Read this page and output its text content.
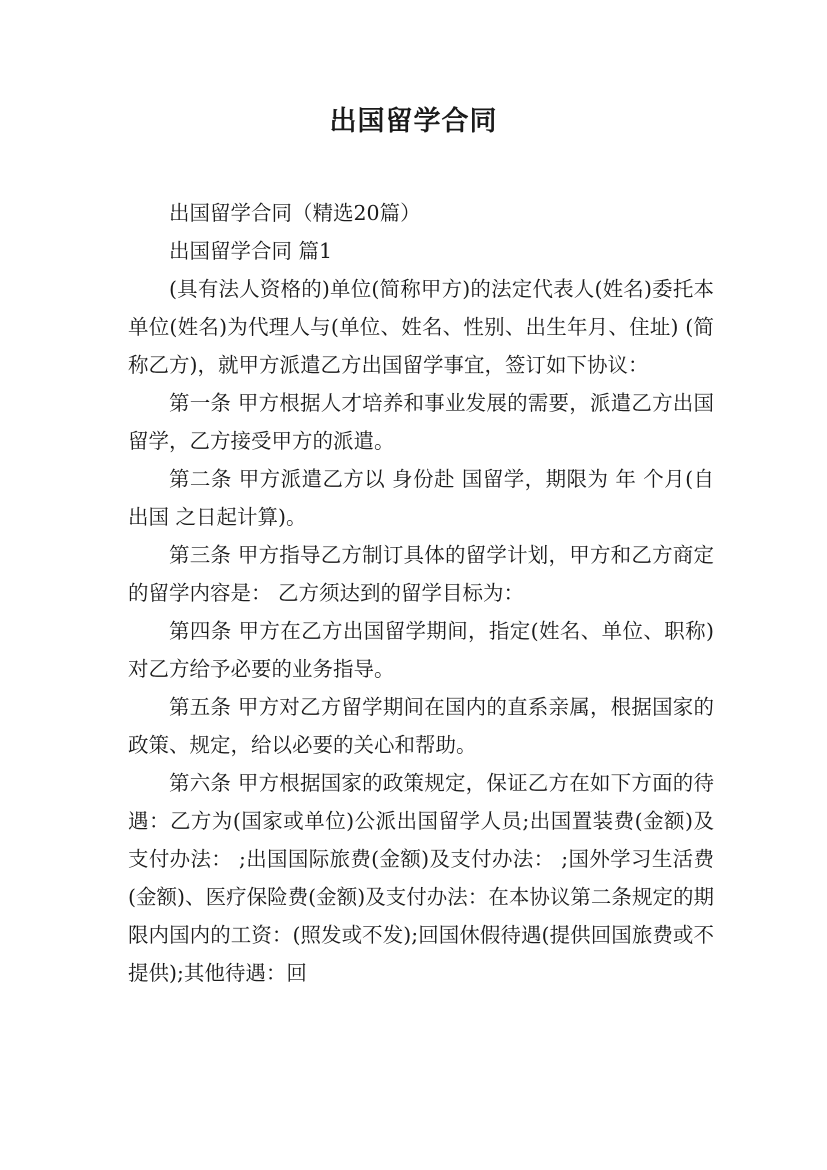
出国留学合同

出国留学合同（精选20篇）

出国留学合同 篇1

(具有法人资格的)单位(简称甲方)的法定代表人(姓名)委托本单位(姓名)为代理人与(单位、姓名、性别、出生年月、住址) (简称乙方)，就甲方派遣乙方出国留学事宜，签订如下协议：

第一条 甲方根据人才培养和事业发展的需要，派遣乙方出国留学，乙方接受甲方的派遣。

第二条 甲方派遣乙方以 身份赴 国留学，期限为 年 个月(自出国 之日起计算)。

第三条 甲方指导乙方制订具体的留学计划，甲方和乙方商定的留学内容是： 乙方须达到的留学目标为：

第四条 甲方在乙方出国留学期间，指定(姓名、单位、职称)对乙方给予必要的业务指导。

第五条 甲方对乙方留学期间在国内的直系亲属，根据国家的政策、规定，给以必要的关心和帮助。

第六条 甲方根据国家的政策规定，保证乙方在如下方面的待遇：乙方为(国家或单位)公派出国留学人员;出国置装费(金额)及支付办法： ;出国国际旅费(金额)及支付办法： ;国外学习生活费(金额)、医疗保险费(金额)及支付办法：在本协议第二条规定的期限内国内的工资：(照发或不发);回国休假待遇(提供回国旅费或不提供);其他待遇：回
